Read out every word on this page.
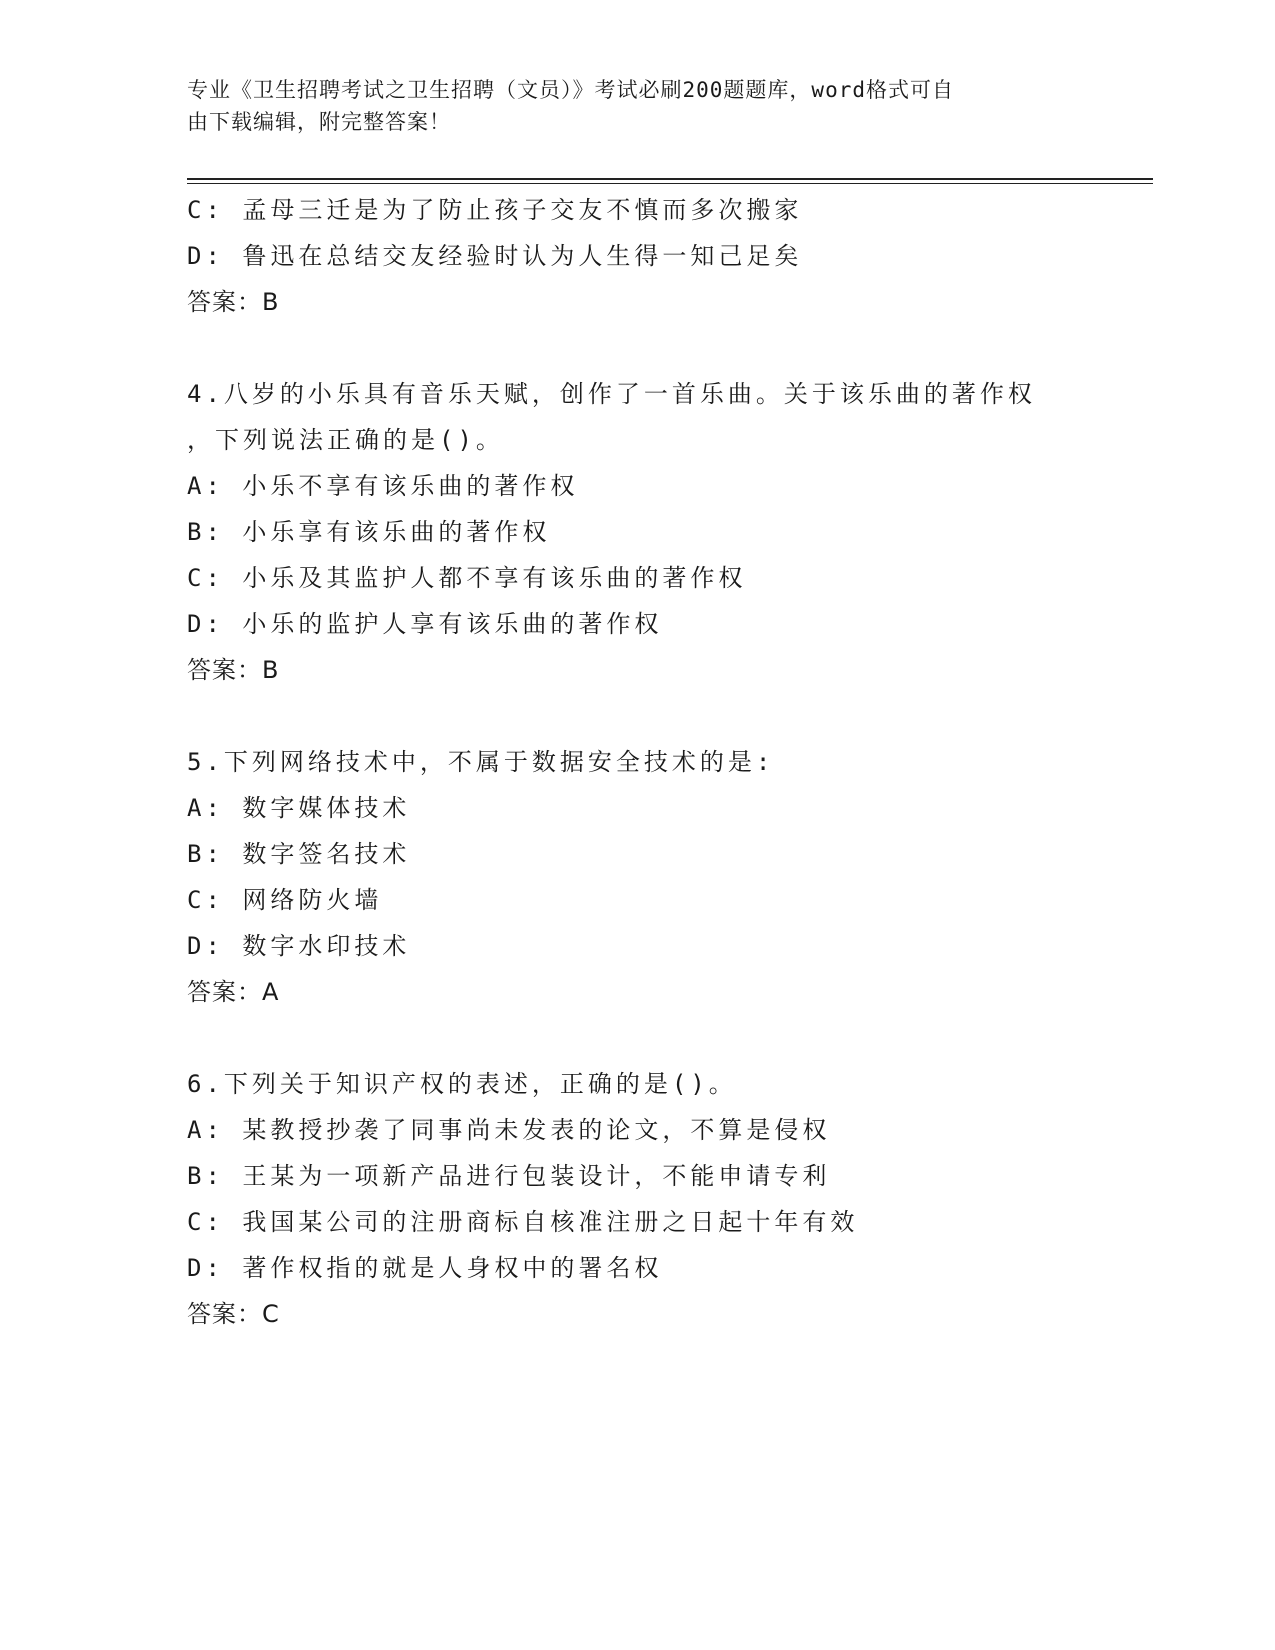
专业《卫生招聘考试之卫生招聘（文员）》考试必刷200题题库，word格式可自
由下载编辑，附完整答案！
C: 孟母三迁是为了防止孩子交友不慎而多次搬家
D: 鲁迅在总结交友经验时认为人生得一知己足矣
答案：B
4.八岁的小乐具有音乐天赋，创作了一首乐曲。关于该乐曲的著作权
，下列说法正确的是()。
A: 小乐不享有该乐曲的著作权
B: 小乐享有该乐曲的著作权
C: 小乐及其监护人都不享有该乐曲的著作权
D: 小乐的监护人享有该乐曲的著作权
答案：B
5.下列网络技术中，不属于数据安全技术的是:
A: 数字媒体技术
B: 数字签名技术
C: 网络防火墙
D: 数字水印技术
答案：A
6.下列关于知识产权的表述，正确的是()。
A: 某教授抄袭了同事尚未发表的论文，不算是侵权
B: 王某为一项新产品进行包装设计，不能申请专利
C: 我国某公司的注册商标自核准注册之日起十年有效
D: 著作权指的就是人身权中的署名权
答案：C
